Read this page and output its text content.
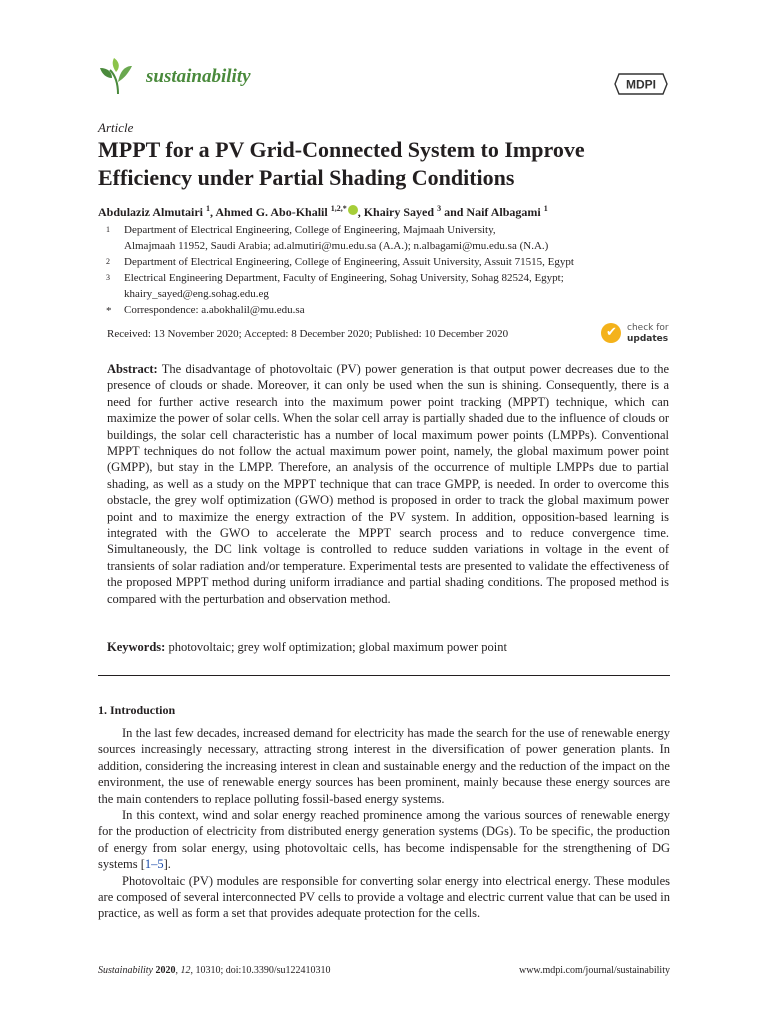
sustainability	MDPI
Article
MPPT for a PV Grid-Connected System to Improve Efficiency under Partial Shading Conditions
Abdulaziz Almutairi $^1$, Ahmed G. Abo-Khalil $^{1,2,*}$ , Khairy Sayed $^3$ and Naif Albagami $^1$
1 Department of Electrical Engineering, College of Engineering, Majmaah University,
Almajmaah 11952, Saudi Arabia; ad.almutiri@mu.edu.sa (A.A.); n.albagami@mu.edu.sa (N.A.)
2 Department of Electrical Engineering, College of Engineering, Assuit University, Assuit 71515, Egypt
3 Electrical Engineering Department, Faculty of Engineering, Sohag University, Sohag 82524, Egypt;
khairy_sayed@eng.sohag.edu.eg
* Correspondence: a.abokhalil@mu.edu.sa
Received: 13 November 2020; Accepted: 8 December 2020; Published: 10 December 2020	✔ check for
updates
Abstract: The disadvantage of photovoltaic (PV) power generation is that output power decreases due to the presence of clouds or shade. Moreover, it can only be used when the sun is shining. Consequently, there is a need for further active research into the maximum power point tracking (MPPT) technique, which can maximize the power of solar cells. When the solar cell array is partially shaded due to the influence of clouds or buildings, the solar cell characteristic has a number of local maximum power points (LMPPs). Conventional MPPT techniques do not follow the actual maximum power point, namely, the global maximum power point (GMPP), but stay in the LMPP. Therefore, an analysis of the occurrence of multiple LMPPs due to partial shading, as well as a study on the MPPT technique that can trace GMPP, is needed. In order to overcome this obstacle, the grey wolf optimization (GWO) method is proposed in order to track the global maximum power point and to maximize the energy extraction of the PV system. In addition, opposition-based learning is integrated with the GWO to accelerate the MPPT search process and to reduce convergence time. Simultaneously, the DC link voltage is controlled to reduce sudden variations in voltage in the event of transients of solar radiation and/or temperature. Experimental tests are presented to validate the effectiveness of the proposed MPPT method during uniform irradiance and partial shading conditions. The proposed method is compared with the perturbation and observation method.
Keywords: photovoltaic; grey wolf optimization; global maximum power point
1. Introduction

In the last few decades, increased demand for electricity has made the search for the use of renewable energy sources increasingly necessary, attracting strong interest in the diversification of power generation plants. In addition, considering the increasing interest in clean and sustainable energy and the reduction of the impact on the environment, the use of renewable energy sources has been prominent, mainly because these energy sources are the main contenders to replace polluting fossil-based energy systems.

In this context, wind and solar energy reached prominence among the various sources of renewable energy for the production of electricity from distributed energy generation systems (DGs). To be specific, the production of energy from solar energy, using photovoltaic cells, has become indispensable for the strengthening of DG systems [1–5].

Photovoltaic (PV) modules are responsible for converting solar energy into electrical energy. These modules are composed of several interconnected PV cells to provide a voltage and electric current value that can be used in practice, as well as form a set that provides adequate protection for the cells.

Sustainability 2020, 12, 10310; doi:10.3390/su122410310	www.mdpi.com/journal/sustainability
